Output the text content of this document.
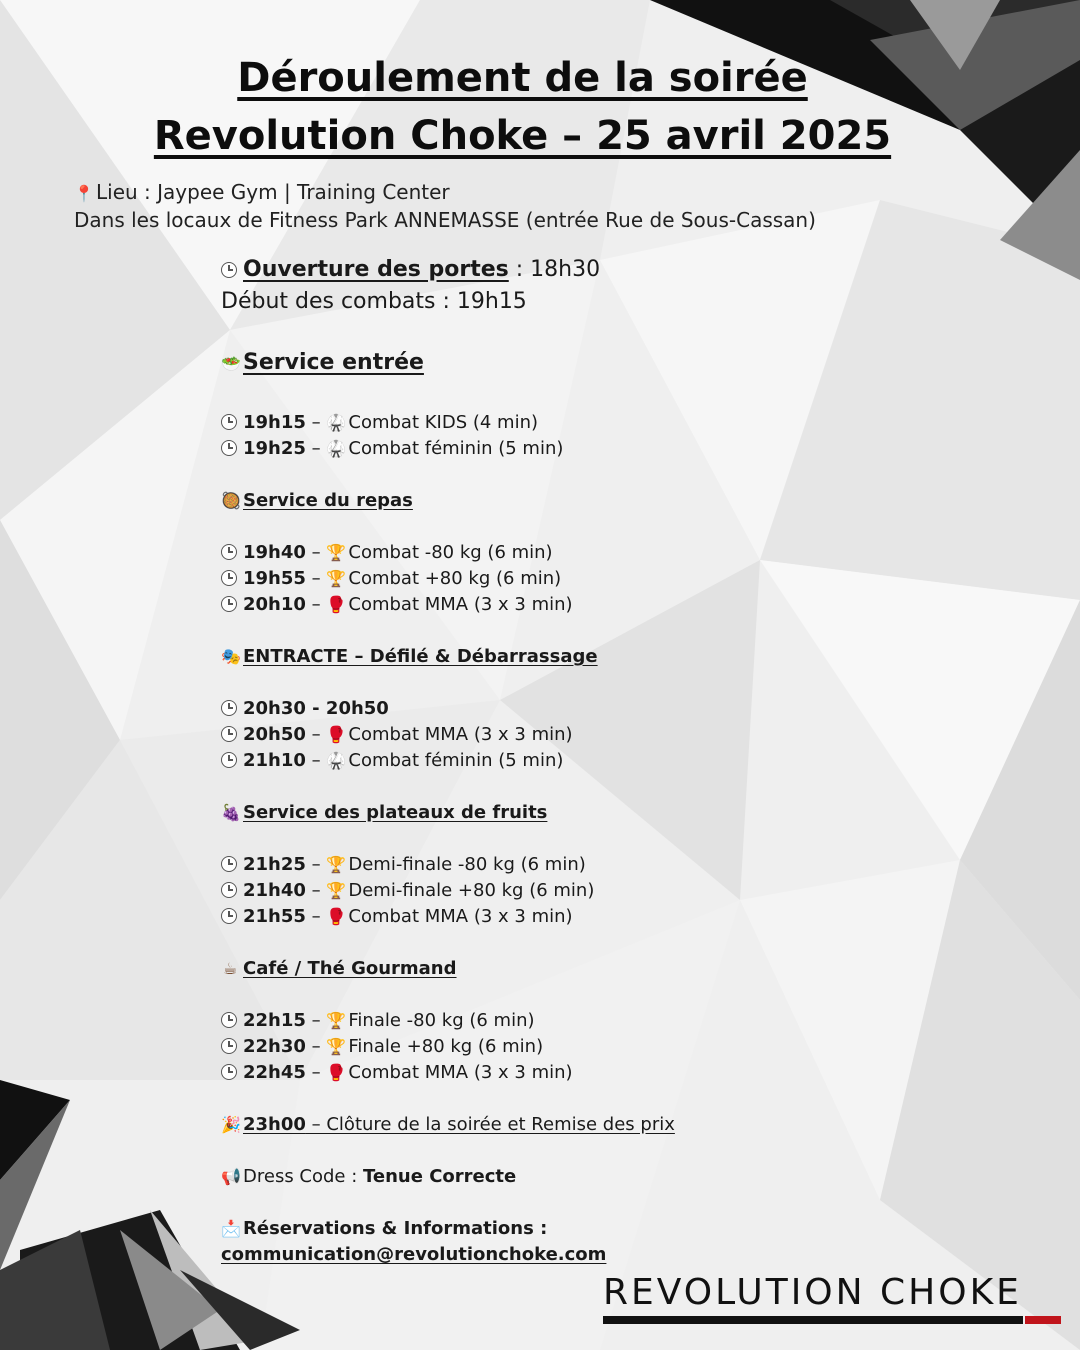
Déroulement de la soirée
Revolution Choke – 25 avril 2025
📍 Lieu : Jaypee Gym | Training Center
Dans les locaux de Fitness Park ANNEMASSE (entrée Rue de Sous-Cassan)
Ouverture des portes : 18h30
Début des combats : 19h15
🥗Service entrée
19h15 – 🥋 Combat KIDS (4 min)
19h25 – 🥋 Combat féminin (5 min)
🥘 Service du repas
19h40 – 🏆 Combat -80 kg (6 min)
19h55 – 🏆 Combat +80 kg (6 min)
20h10 – 🥊 Combat MMA (3 x 3 min)
🎭 ENTRACTE – Défilé & Débarrassage
20h30 - 20h50
20h50 – 🥊 Combat MMA (3 x 3 min)
21h10 – 🥋 Combat féminin (5 min)
🍇 Service des plateaux de fruits
21h25 – 🏆 Demi-finale -80 kg (6 min)
21h40 – 🏆 Demi-finale +80 kg (6 min)
21h55 – 🥊 Combat MMA (3 x 3 min)
☕ Café / Thé Gourmand
22h15 – 🏆 Finale -80 kg (6 min)
22h30 – 🏆 Finale +80 kg (6 min)
22h45 – 🥊 Combat MMA (3 x 3 min)
🎉 23h00 – Clôture de la soirée et Remise des prix
📢 Dress Code : Tenue Correcte
📩 Réservations & Informations :
communication@revolutionchoke.com
REVOLUTION CHOKE
